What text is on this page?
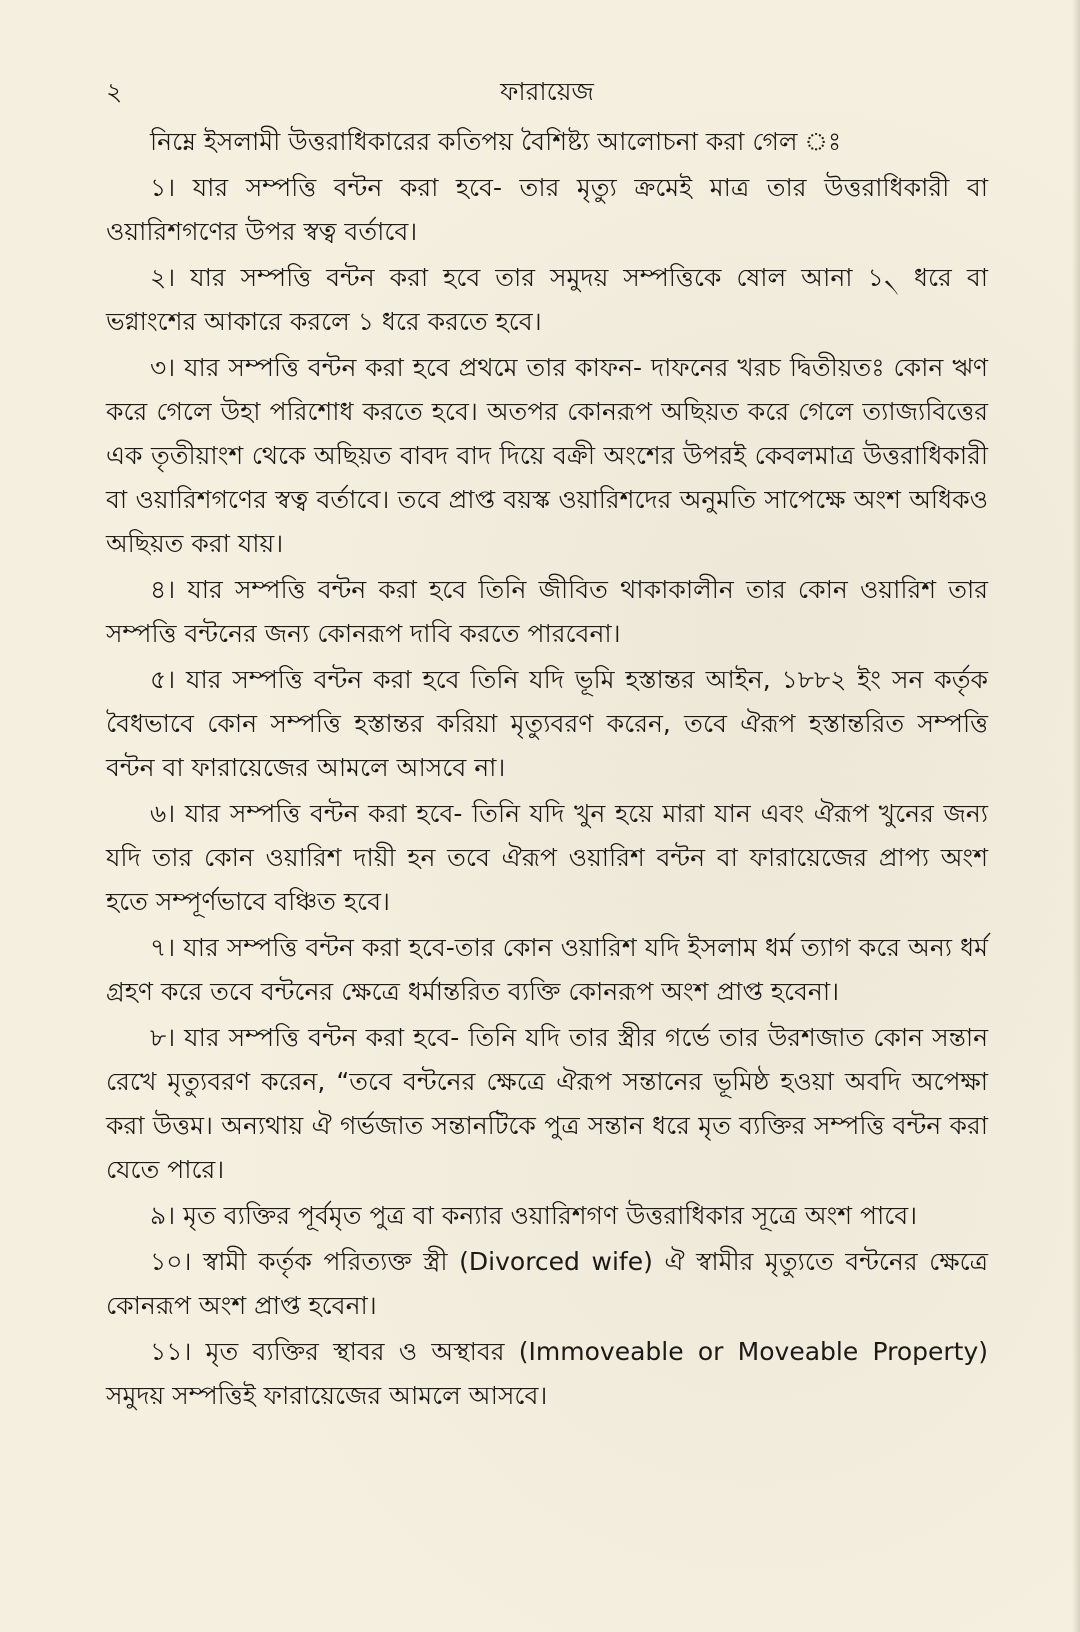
২	ফারায়েজ

নিম্নে ইসলামী উত্তরাধিকারের কতিপয় বৈশিষ্ট্য আলোচনা করা গেল ঃ

১। যার সম্পত্তি বন্টন করা হবে- তার মৃত্যু ক্রমেই মাত্র তার উত্তরাধিকারী বা ওয়ারিশগণের উপর স্বত্ব বর্তাবে।

২। যার সম্পত্তি বন্টন করা হবে তার সমুদয় সম্পত্তিকে ষোল আনা ১৲ ধরে বা ভগ্নাংশের আকারে করলে ১ ধরে করতে হবে।

৩। যার সম্পত্তি বন্টন করা হবে প্রথমে তার কাফন- দাফনের খরচ দ্বিতীয়তঃ কোন ঋণ করে গেলে উহা পরিশোধ করতে হবে। অতপর কোনরূপ অছিয়ত করে গেলে ত্যাজ্যবিত্তের এক তৃতীয়াংশ থেকে অছিয়ত বাবদ বাদ দিয়ে বক্রী অংশের উপরই কেবলমাত্র উত্তরাধিকারী বা ওয়ারিশগণের স্বত্ব বর্তাবে। তবে প্রাপ্ত বয়স্ক ওয়ারিশদের অনুমতি সাপেক্ষে অংশ অধিকও অছিয়ত করা যায়।

৪। যার সম্পত্তি বন্টন করা হবে তিনি জীবিত থাকাকালীন তার কোন ওয়ারিশ তার সম্পত্তি বন্টনের জন্য কোনরূপ দাবি করতে পারবেনা।

৫। যার সম্পত্তি বন্টন করা হবে তিনি যদি ভূমি হস্তান্তর আইন, ১৮৮২ ইং সন কর্তৃক বৈধভাবে কোন সম্পত্তি হস্তান্তর করিয়া মৃত্যুবরণ করেন, তবে ঐরূপ হস্তান্তরিত সম্পত্তি বন্টন বা ফারায়েজের আমলে আসবে না।

৬। যার সম্পত্তি বন্টন করা হবে- তিনি যদি খুন হয়ে মারা যান এবং ঐরূপ খুনের জন্য যদি তার কোন ওয়ারিশ দায়ী হন তবে ঐরূপ ওয়ারিশ বন্টন বা ফারায়েজের প্রাপ্য অংশ হতে সম্পূর্ণভাবে বঞ্চিত হবে।

৭। যার সম্পত্তি বন্টন করা হবে-তার কোন ওয়ারিশ যদি ইসলাম ধর্ম ত্যাগ করে অন্য ধর্ম গ্রহণ করে তবে বন্টনের ক্ষেত্রে ধর্মান্তরিত ব্যক্তি কোনরূপ অংশ প্রাপ্ত হবেনা।

৮। যার সম্পত্তি বন্টন করা হবে- তিনি যদি তার স্ত্রীর গর্ভে তার উরশজাত কোন সন্তান রেখে মৃত্যুবরণ করেন, “তবে বন্টনের ক্ষেত্রে ঐরূপ সন্তানের ভূমিষ্ঠ হওয়া অবদি অপেক্ষা করা উত্তম। অন্যথায় ঐ গর্ভজাত সন্তানটিকে পুত্র সন্তান ধরে মৃত ব্যক্তির সম্পত্তি বন্টন করা যেতে পারে।

৯। মৃত ব্যক্তির পূর্বমৃত পুত্র বা কন্যার ওয়ারিশগণ উত্তরাধিকার সূত্রে অংশ পাবে।

১০। স্বামী কর্তৃক পরিত্যক্ত স্ত্রী (Divorced wife) ঐ স্বামীর মৃত্যুতে বন্টনের ক্ষেত্রে কোনরূপ অংশ প্রাপ্ত হবেনা।

১১। মৃত ব্যক্তির স্থাবর ও অস্থাবর (Immoveable or Moveable Property) সমুদয় সম্পত্তিই ফারায়েজের আমলে আসবে।
